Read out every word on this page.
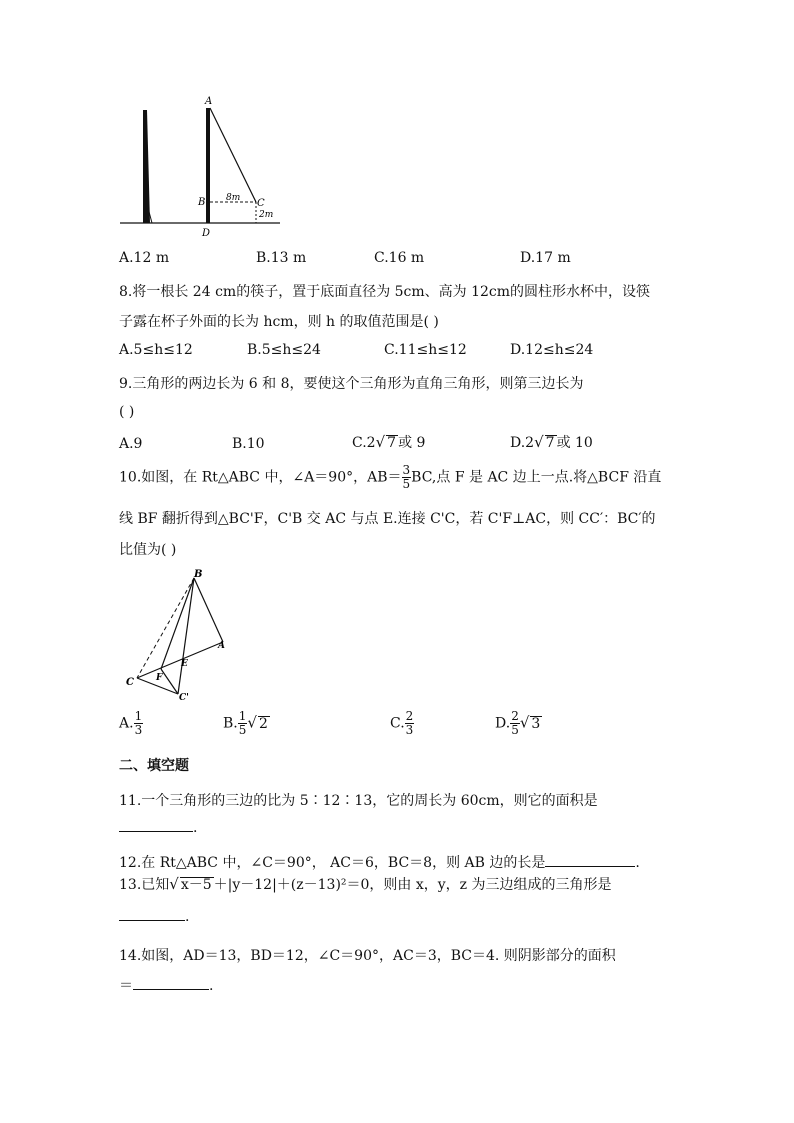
A
B	C
D
8m
2m
A.12 m	B.13 m	C.16 m	D.17 m
8.将一根长 24 cm的筷子，置于底面直径为 5cm、高为 12cm的圆柱形水杯中，设筷
子露在杯子外面的长为 hcm，则 h 的取值范围是( )
A.5≤h≤12	B.5≤h≤24	C.11≤h≤12	D.12≤h≤24
9.三角形的两边长为 6 和 8，要使这个三角形为直角三角形，则第三边长为
( )
A.9	B.10	C.2√ 7 或 9	D.2√ 7 或 10
10.如图，在 Rt△ABC 中，∠A＝90°，$AB= \frac{3}{5}$ BC,点 F 是 AC 边上一点.将△BCF 沿直
线 BF 翻折得到△BC'F，C'B 交 AC 与点 E.连接 C'C，若 C'F⊥AC，则 CC′：BC′的
比值为( )
B
A
E
F
C
C'
A. $\frac{1}{3}$	B. $\frac{1}{5}$ √ 2	C. $\frac{2}{3}$	D. $\frac{2}{5}$ √ 3
二、填空题
11.一个三角形的三边的比为 5∶12∶13，它的周长为 60cm，则它的面积是
.
12.在 Rt△ABC 中，∠C＝90°， AC＝6，BC＝8，则 AB 边的长是	.
13.已知√ x－5 ＋|y－12|＋(z－13)²＝0，则由 x，y，z 为三边组成的三角形是
.
14.如图，AD＝13，BD＝12，∠C＝90°，AC＝3，BC＝4. 则阴影部分的面积
＝	.
